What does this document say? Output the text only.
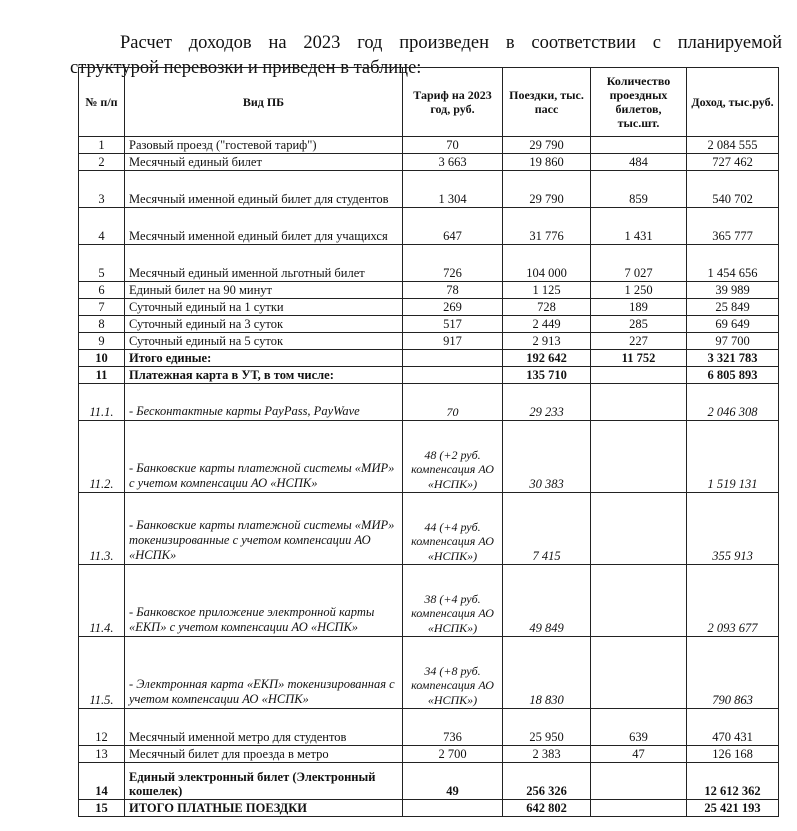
Расчет доходов на 2023 год произведен в соответствии с планируемой
структурой перевозки и приведен в таблице:

№ п/п	Вид ПБ	Тариф на 2023 год, руб.	Поездки, тыс. пасс	Количество проездных билетов, тыс.шт.	Доход, тыс.руб.
1	Разовый проезд ("гостевой тариф")	70	29 790		2 084 555
2	Месячный единый билет	3 663	19 860	484	727 462
3	Месячный именной единый билет для студентов	1 304	29 790	859	540 702
4	Месячный именной единый билет для учащихся	647	31 776	1 431	365 777
5	Месячный единый именной льготный билет	726	104 000	7 027	1 454 656
6	Единый билет на 90 минут	78	1 125	1 250	39 989
7	Суточный единый на 1 сутки	269	728	189	25 849
8	Суточный единый на 3 суток	517	2 449	285	69 649
9	Суточный единый на 5 суток	917	2 913	227	97 700
10	Итого единые:		192 642	11 752	3 321 783
11	Платежная карта в УТ, в том числе:		135 710		6 805 893
11.1.	- Бесконтактные карты PayPass, PayWave	70	29 233		2 046 308
11.2.	- Банковские карты платежной системы «МИР» с учетом компенсации АО «НСПК»	48 (+2 руб. компенсация АО «НСПК»)	30 383		1 519 131
11.3.	- Банковские карты платежной системы «МИР» токенизированные с учетом компенсации АО «НСПК»	44 (+4 руб. компенсация АО «НСПК»)	7 415		355 913
11.4.	- Банковское приложение электронной карты «ЕКП» с учетом компенсации АО «НСПК»	38 (+4 руб. компенсация АО «НСПК»)	49 849		2 093 677
11.5.	- Электронная карта «ЕКП» токенизированная с учетом компенсации АО «НСПК»	34 (+8 руб. компенсация АО «НСПК»)	18 830		790 863
12	Месячный именной метро для студентов	736	25 950	639	470 431
13	Месячный билет для проезда в метро	2 700	2 383	47	126 168
14	Единый электронный билет (Электронный кошелек)	49	256 326		12 612 362
15	ИТОГО ПЛАТНЫЕ ПОЕЗДКИ		642 802		25 421 193
